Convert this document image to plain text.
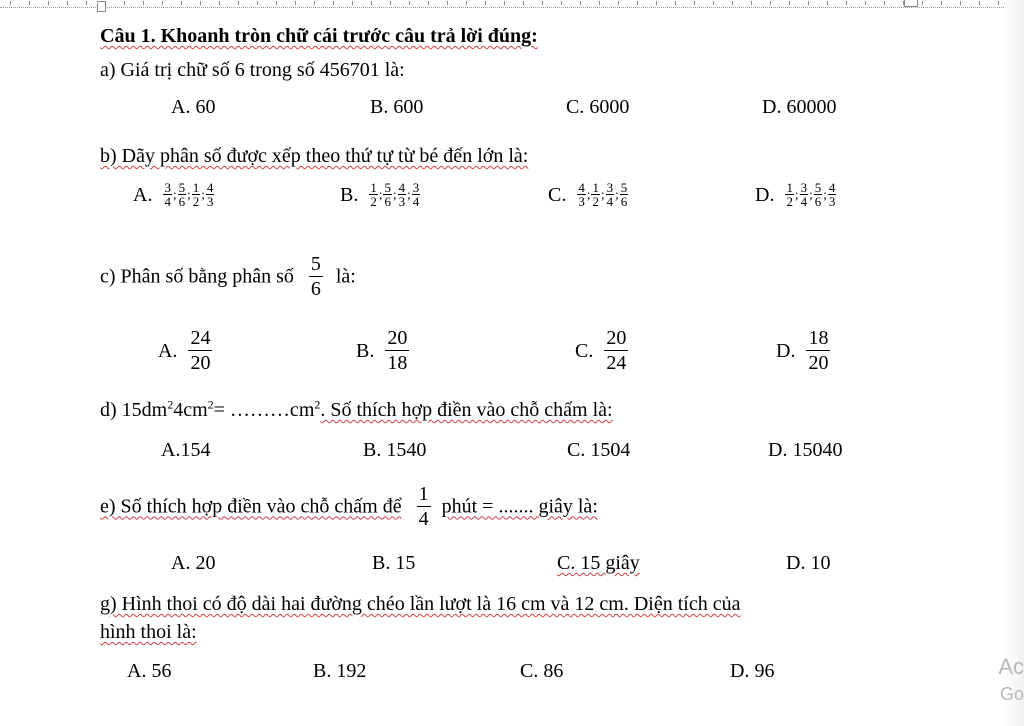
Câu 1. Khoanh tròn chữ cái trước câu trả lời đúng:
a) Giá trị chữ số 6 trong số 456701 là:
A. 60	B. 600	C. 6000	D. 60000
b) Dãy phân số được xếp theo thứ tự từ bé đến lớn là:
A. $\frac{3}{4}$ ; $\frac{5}{6}$ ; $\frac{1}{2}$ ; $\frac{4}{3}$	B. $\frac{1}{2}$ ; $\frac{5}{6}$ ; $\frac{4}{3}$ ; $\frac{3}{4}$	C. $\frac{4}{3}$ ; $\frac{1}{2}$ ; $\frac{3}{4}$ ; $\frac{5}{6}$	D. $\frac{1}{2}$ ; $\frac{3}{4}$ ; $\frac{5}{6}$ ; $\frac{4}{3}$
c) Phân số bằng phân số $\frac{5}{6}$ là:
A. $\frac{24}{20}$	B. $\frac{20}{18}$	C. $\frac{20}{24}$	D. $\frac{18}{20}$
d) $15dm^24cm^2=$ $\dots\dots\dots cm^2$. Số thích hợp điền vào chỗ chấm là:
A.154	B. 1540	C. 1504	D. 15040
e) Số thích hợp điền vào chỗ chấm để $\frac{1}{4}$ phút = ....... giây là:
A. 20	B. 15	C. 15 giây	D. 10
g) Hình thoi có độ dài hai đường chéo lần lượt là 16 cm và 12 cm. Diện tích của
hình thoi là:
A. 56	B. 192	C. 86	D. 96	Ac
Go
